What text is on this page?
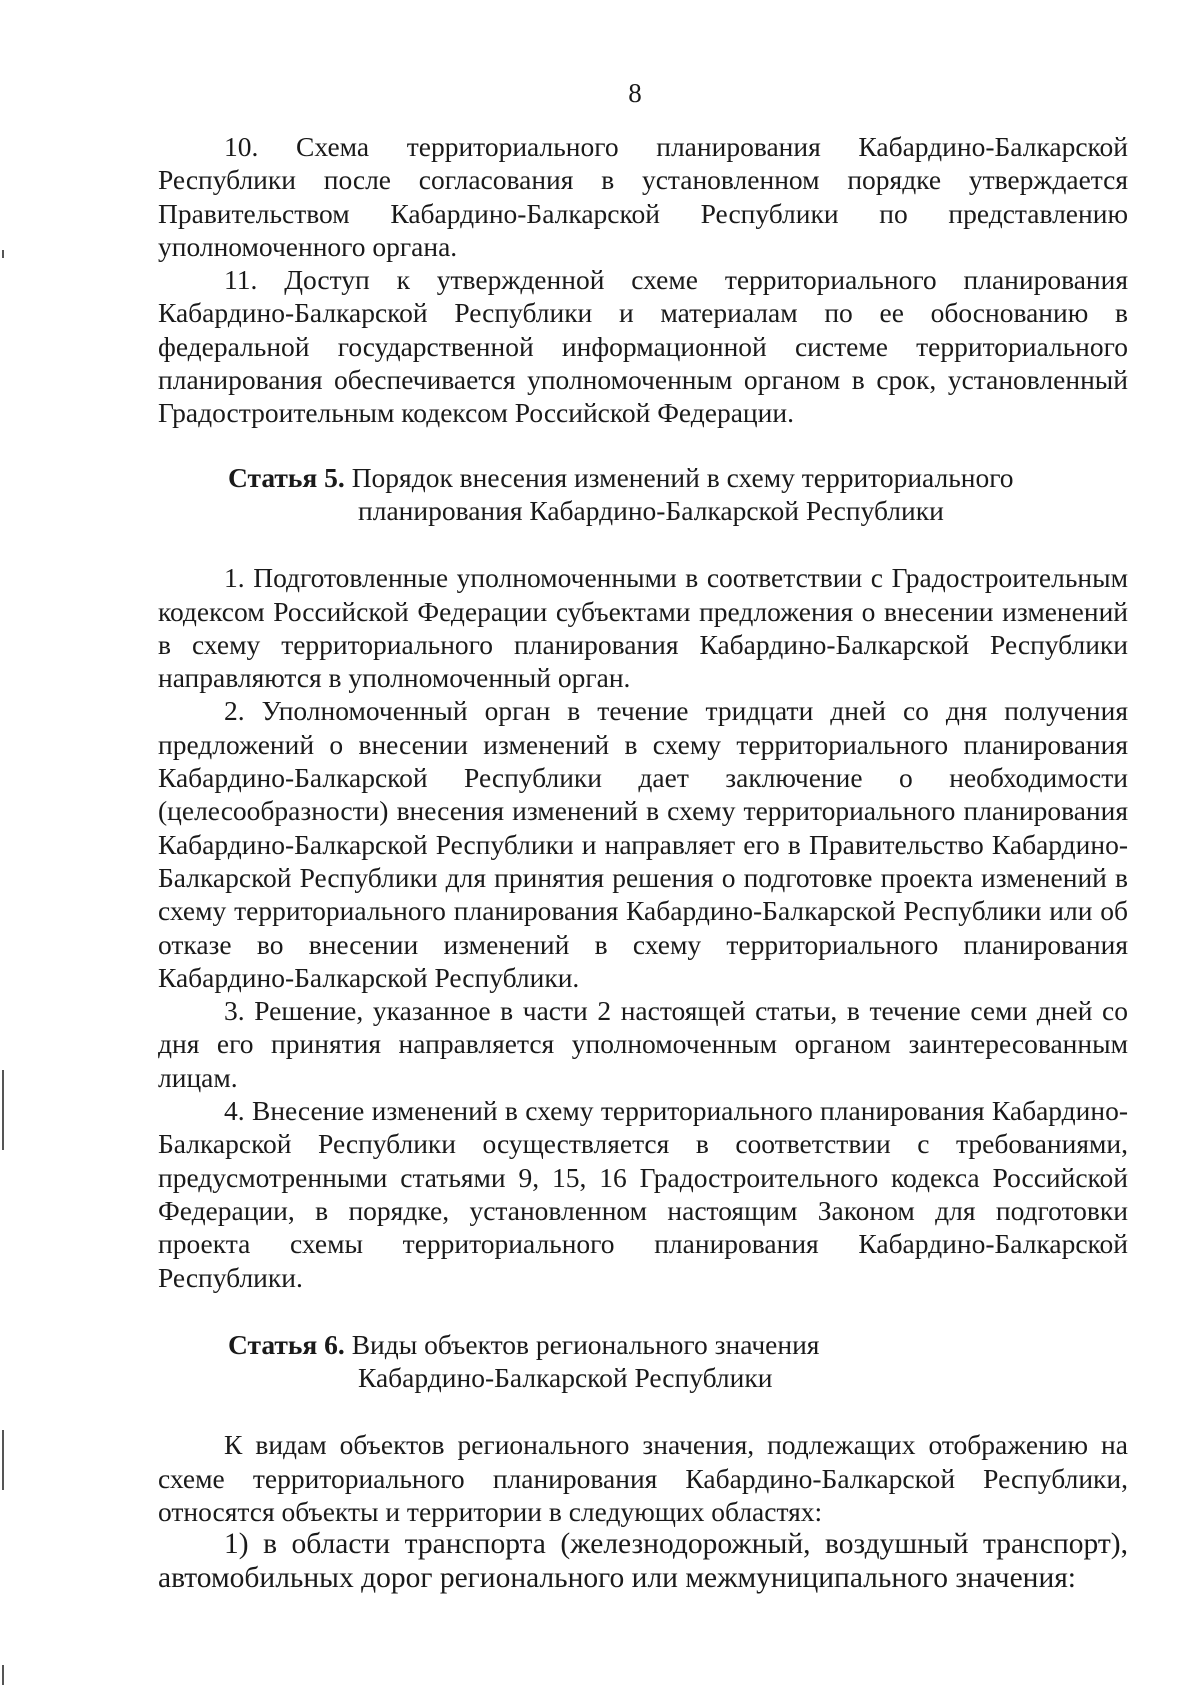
8

10. Схема территориального планирования Кабардино-Балкарской Республики после согласования в установленном порядке утверждается Правительством Кабардино-Балкарской Республики по представлению уполномоченного органа.

11. Доступ к утвержденной схеме территориального планирования Кабардино-Балкарской Республики и материалам по ее обоснованию в федеральной государственной информационной системе территориального планирования обеспечивается уполномоченным органом в срок, установленный Градостроительным кодексом Российской Федерации.

Статья 5. Порядок внесения изменений в схему территориального
планирования Кабардино-Балкарской Республики

1. Подготовленные уполномоченными в соответствии с Градостроительным кодексом Российской Федерации субъектами предложения о внесении изменений в схему территориального планирования Кабардино-Балкарской Республики направляются в уполномоченный орган.

2. Уполномоченный орган в течение тридцати дней со дня получения предложений о внесении изменений в схему территориального планирования Кабардино-Балкарской Республики дает заключение о необходимости (целесообразности) внесения изменений в схему территориального планирования Кабардино-Балкарской Республики и направляет его в Правительство Кабардино-Балкарской Республики для принятия решения о подготовке проекта изменений в схему территориального планирования Кабардино-Балкарской Республики или об отказе во внесении изменений в схему территориального планирования Кабардино-Балкарской Республики.

3. Решение, указанное в части 2 настоящей статьи, в течение семи дней со дня его принятия направляется уполномоченным органом заинтересованным лицам.

4. Внесение изменений в схему территориального планирования Кабардино-Балкарской Республики осуществляется в соответствии с требованиями, предусмотренными статьями 9, 15, 16 Градостроительного кодекса Российской Федерации, в порядке, установленном настоящим Законом для подготовки проекта схемы территориального планирования Кабардино-Балкарской Республики.

Статья 6. Виды объектов регионального значения
Кабардино-Балкарской Республики

К видам объектов регионального значения, подлежащих отображению на схеме территориального планирования Кабардино-Балкарской Республики, относятся объекты и территории в следующих областях:

1) в области транспорта (железнодорожный, воздушный транспорт), автомобильных дорог регионального или межмуниципального значения:
